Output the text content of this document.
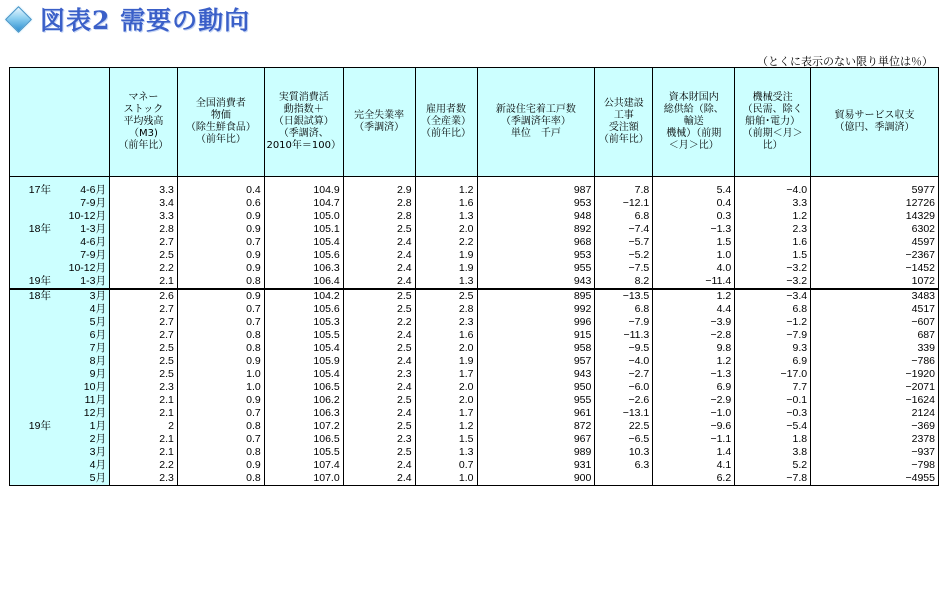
図表2 需要の動向
（とくに表示のない限り単位は％）
	マネー
ストック
平均残高
（M3)
（前年比）	全国消費者
物価
（除生鮮食品）
（前年比）	実質消費活
動指数＋
（日銀試算）
（季調済、
2010年＝100）	完全失業率
（季調済）	雇用者数
（全産業）
（前年比）	新設住宅着工戸数
（季調済年率）
単位　千戸	公共建設
工事
受注額
（前年比）	資本財国内
総供給（除、
輸送
機械）（前期
＜月＞比）	機械受注
（民需、除く
船舶･電力）
（前期＜月＞
比）	貿易サービス収支
（億円、季調済）

17年 4-6月	3.3	0.4	104.9	2.9	1.2	987	7.8	5.4	−4.0	5977
7-9月	3.4	0.6	104.7	2.8	1.6	953	−12.1	0.4	3.3	12726
10-12月	3.3	0.9	105.0	2.8	1.3	948	6.8	0.3	1.2	14329
18年 1-3月	2.8	0.9	105.1	2.5	2.0	892	−7.4	−1.3	2.3	6302
4-6月	2.7	0.7	105.4	2.4	2.2	968	−5.7	1.5	1.6	4597
7-9月	2.5	0.9	105.6	2.4	1.9	953	−5.2	1.0	1.5	−2367
10-12月	2.2	0.9	106.3	2.4	1.9	955	−7.5	4.0	−3.2	−1452
19年 1-3月	2.1	0.8	106.4	2.4	1.3	943	8.2	−11.4	−3.2	1072
18年 3月	2.6	0.9	104.2	2.5	2.5	895	−13.5	1.2	−3.4	3483
4月	2.7	0.7	105.6	2.5	2.8	992	6.8	4.4	6.8	4517
5月	2.7	0.7	105.3	2.2	2.3	996	−7.9	−3.9	−1.2	−607
6月	2.7	0.8	105.5	2.4	1.6	915	−11.3	−2.8	−7.9	687
7月	2.5	0.8	105.4	2.5	2.0	958	−9.5	9.8	9.3	339
8月	2.5	0.9	105.9	2.4	1.9	957	−4.0	1.2	6.9	−786
9月	2.5	1.0	105.4	2.3	1.7	943	−2.7	−1.3	−17.0	−1920
10月	2.3	1.0	106.5	2.4	2.0	950	−6.0	6.9	7.7	−2071
11月	2.1	0.9	106.2	2.5	2.0	955	−2.6	−2.9	−0.1	−1624
12月	2.1	0.7	106.3	2.4	1.7	961	−13.1	−1.0	−0.3	2124
19年 1月	2	0.8	107.2	2.5	1.2	872	22.5	−9.6	−5.4	−369
2月	2.1	0.7	106.5	2.3	1.5	967	−6.5	−1.1	1.8	2378
3月	2.1	0.8	105.5	2.5	1.3	989	10.3	1.4	3.8	−937
4月	2.2	0.9	107.4	2.4	0.7	931	6.3	4.1	5.2	−798
5月	2.3	0.8	107.0	2.4	1.0	900		6.2	−7.8	−4955
